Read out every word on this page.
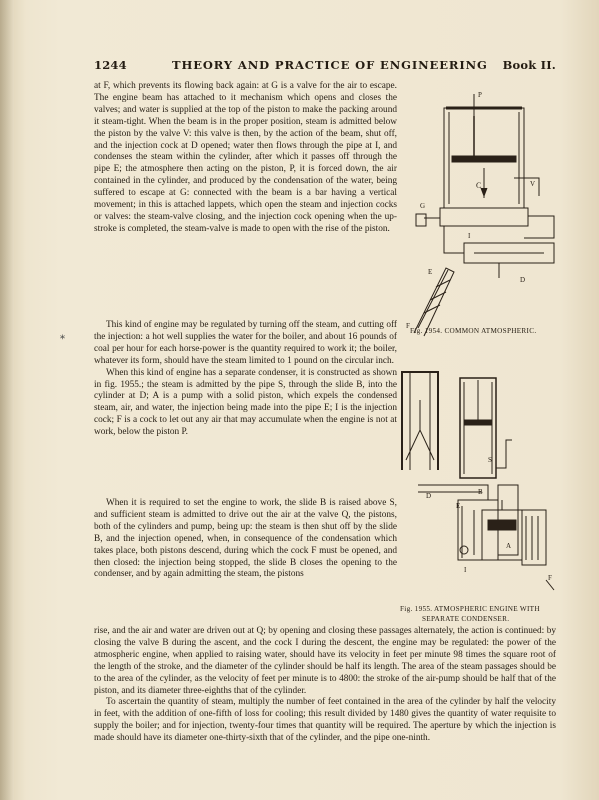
1244	THEORY AND PRACTICE OF ENGINEERING Book II.

at F, which prevents its flowing back again: at G is a valve for the air to escape. The engine beam has attached to it mechanism which opens and closes the valves; and water is supplied at the top of the piston to make the packing around it steam-tight. When the beam is in the proper position, steam is admitted below the piston by the valve V: this valve is then, by the action of the beam, shut off, and the injection cock at D opened; water then flows through the pipe at I, and condenses the steam within the cylinder, after which it passes off through the pipe E; the atmosphere then acting on the piston, P, it is forced down, the air contained in the cylinder, and produced by the condensation of the water, being suffered to escape at G: connected with the beam is a bar having a vertical movement; in this is attached lappets, which open the steam and injection cocks or valves: the steam-valve closing, and the injection cock opening when the up-stroke is completed, the steam-valve is made to open with the rise of the piston.

This kind of engine may be regulated by turning off the steam, and cutting off the injection: a hot well supplies the water for the boiler, and about 16 pounds of coal per hour for each horse-power is the quantity required to work it; the boiler, whatever its form, should have the steam limited to 1 pound on the circular inch.

When this kind of engine has a separate condenser, it is constructed as shown in fig. 1955.; the steam is admitted by the pipe S, through the slide B, into the cylinder at D; A is a pump with a solid piston, which expels the condensed steam, air, and water, the injection being made into the pipe E; I is the injection cock; F is a cock to let out any air that may accumulate when the engine is not at work, below the piston P.

When it is required to set the engine to work, the slide B is raised above S, and sufficient steam is admitted to drive out the air at the valve Q, the pistons, both of the cylinders and pump, being up: the steam is then shut off by the slide B, and the injection opened, when, in consequence of the condensation which takes place, both pistons descend, during which the cock F must be opened, and then closed: the injection being stopped, the slide B closes the opening to the condenser, and by again admitting the steam, the pistons

rise, and the air and water are driven out at Q; by opening and closing these passages alternately, the action is continued: by closing the valve B during the ascent, and the cock I during the descent, the engine may be regulated: the power of the atmospheric engine, when applied to raising water, should have its velocity in feet per minute 98 times the square root of the length of the stroke, and the diameter of the cylinder should be half its length. The area of the steam passages should be to the area of the cylinder, as the velocity of feet per minute is to 4800: the stroke of the air-pump should be half that of the piston, and its diameter three-eighths that of the cylinder.

To ascertain the quantity of steam, multiply the number of feet contained in the area of the cylinder by half the velocity in feet, with the addition of one-fifth of loss for cooling; this result divided by 1480 gives the quantity of water requisite to supply the boiler; and for injection, twenty-four times that quantity will be required. The aperture by which the injection is made should have its diameter one-thirty-sixth that of the cylinder, and the pipe one-ninth.

*
P
C	V
G
I
E
D
F
Fig. 1954. COMMON ATMOSPHERIC.
S
D	B
E
A
I
F
Fig. 1955. ATMOSPHERIC ENGINE WITH
SEPARATE CONDENSER.
